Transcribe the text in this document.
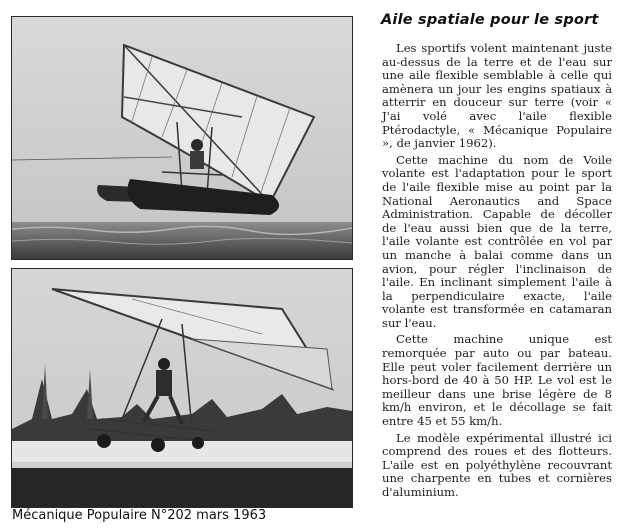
Aile spatiale pour le sport

Les sportifs volent maintenant juste au-dessus de la terre et de l'eau sur une aile flexible semblable à celle qui amènera un jour les engins spatiaux à atterrir en douceur sur terre (voir « J'ai volé avec l'aile flexible Ptérodactyle, « Mécanique Populaire », de janvier 1962).

Cette machine du nom de Voile volante est l'adaptation pour le sport de l'aile flexible mise au point par la National Aeronautics and Space Administration. Capable de décoller de l'eau aussi bien que de la terre, l'aile volante est contrôlée en vol par un manche à balai comme dans un avion, pour régler l'inclinaison de l'aile. En inclinant simplement l'aile à la perpendiculaire exacte, l'aile volante est transformée en catamaran sur l'eau.

Cette machine unique est remorquée par auto ou par bateau. Elle peut voler facilement derrière un hors-bord de 40 à 50 HP. Le vol est le meilleur dans une brise légère de 8 km/h environ, et le décollage se fait entre 45 et 55 km/h.

Le modèle expérimental illustré ici comprend des roues et des flotteurs. L'aile est en polyéthylène recouvrant une charpente en tubes et cornières d'aluminium.

Mécanique Populaire N°202 mars 1963
